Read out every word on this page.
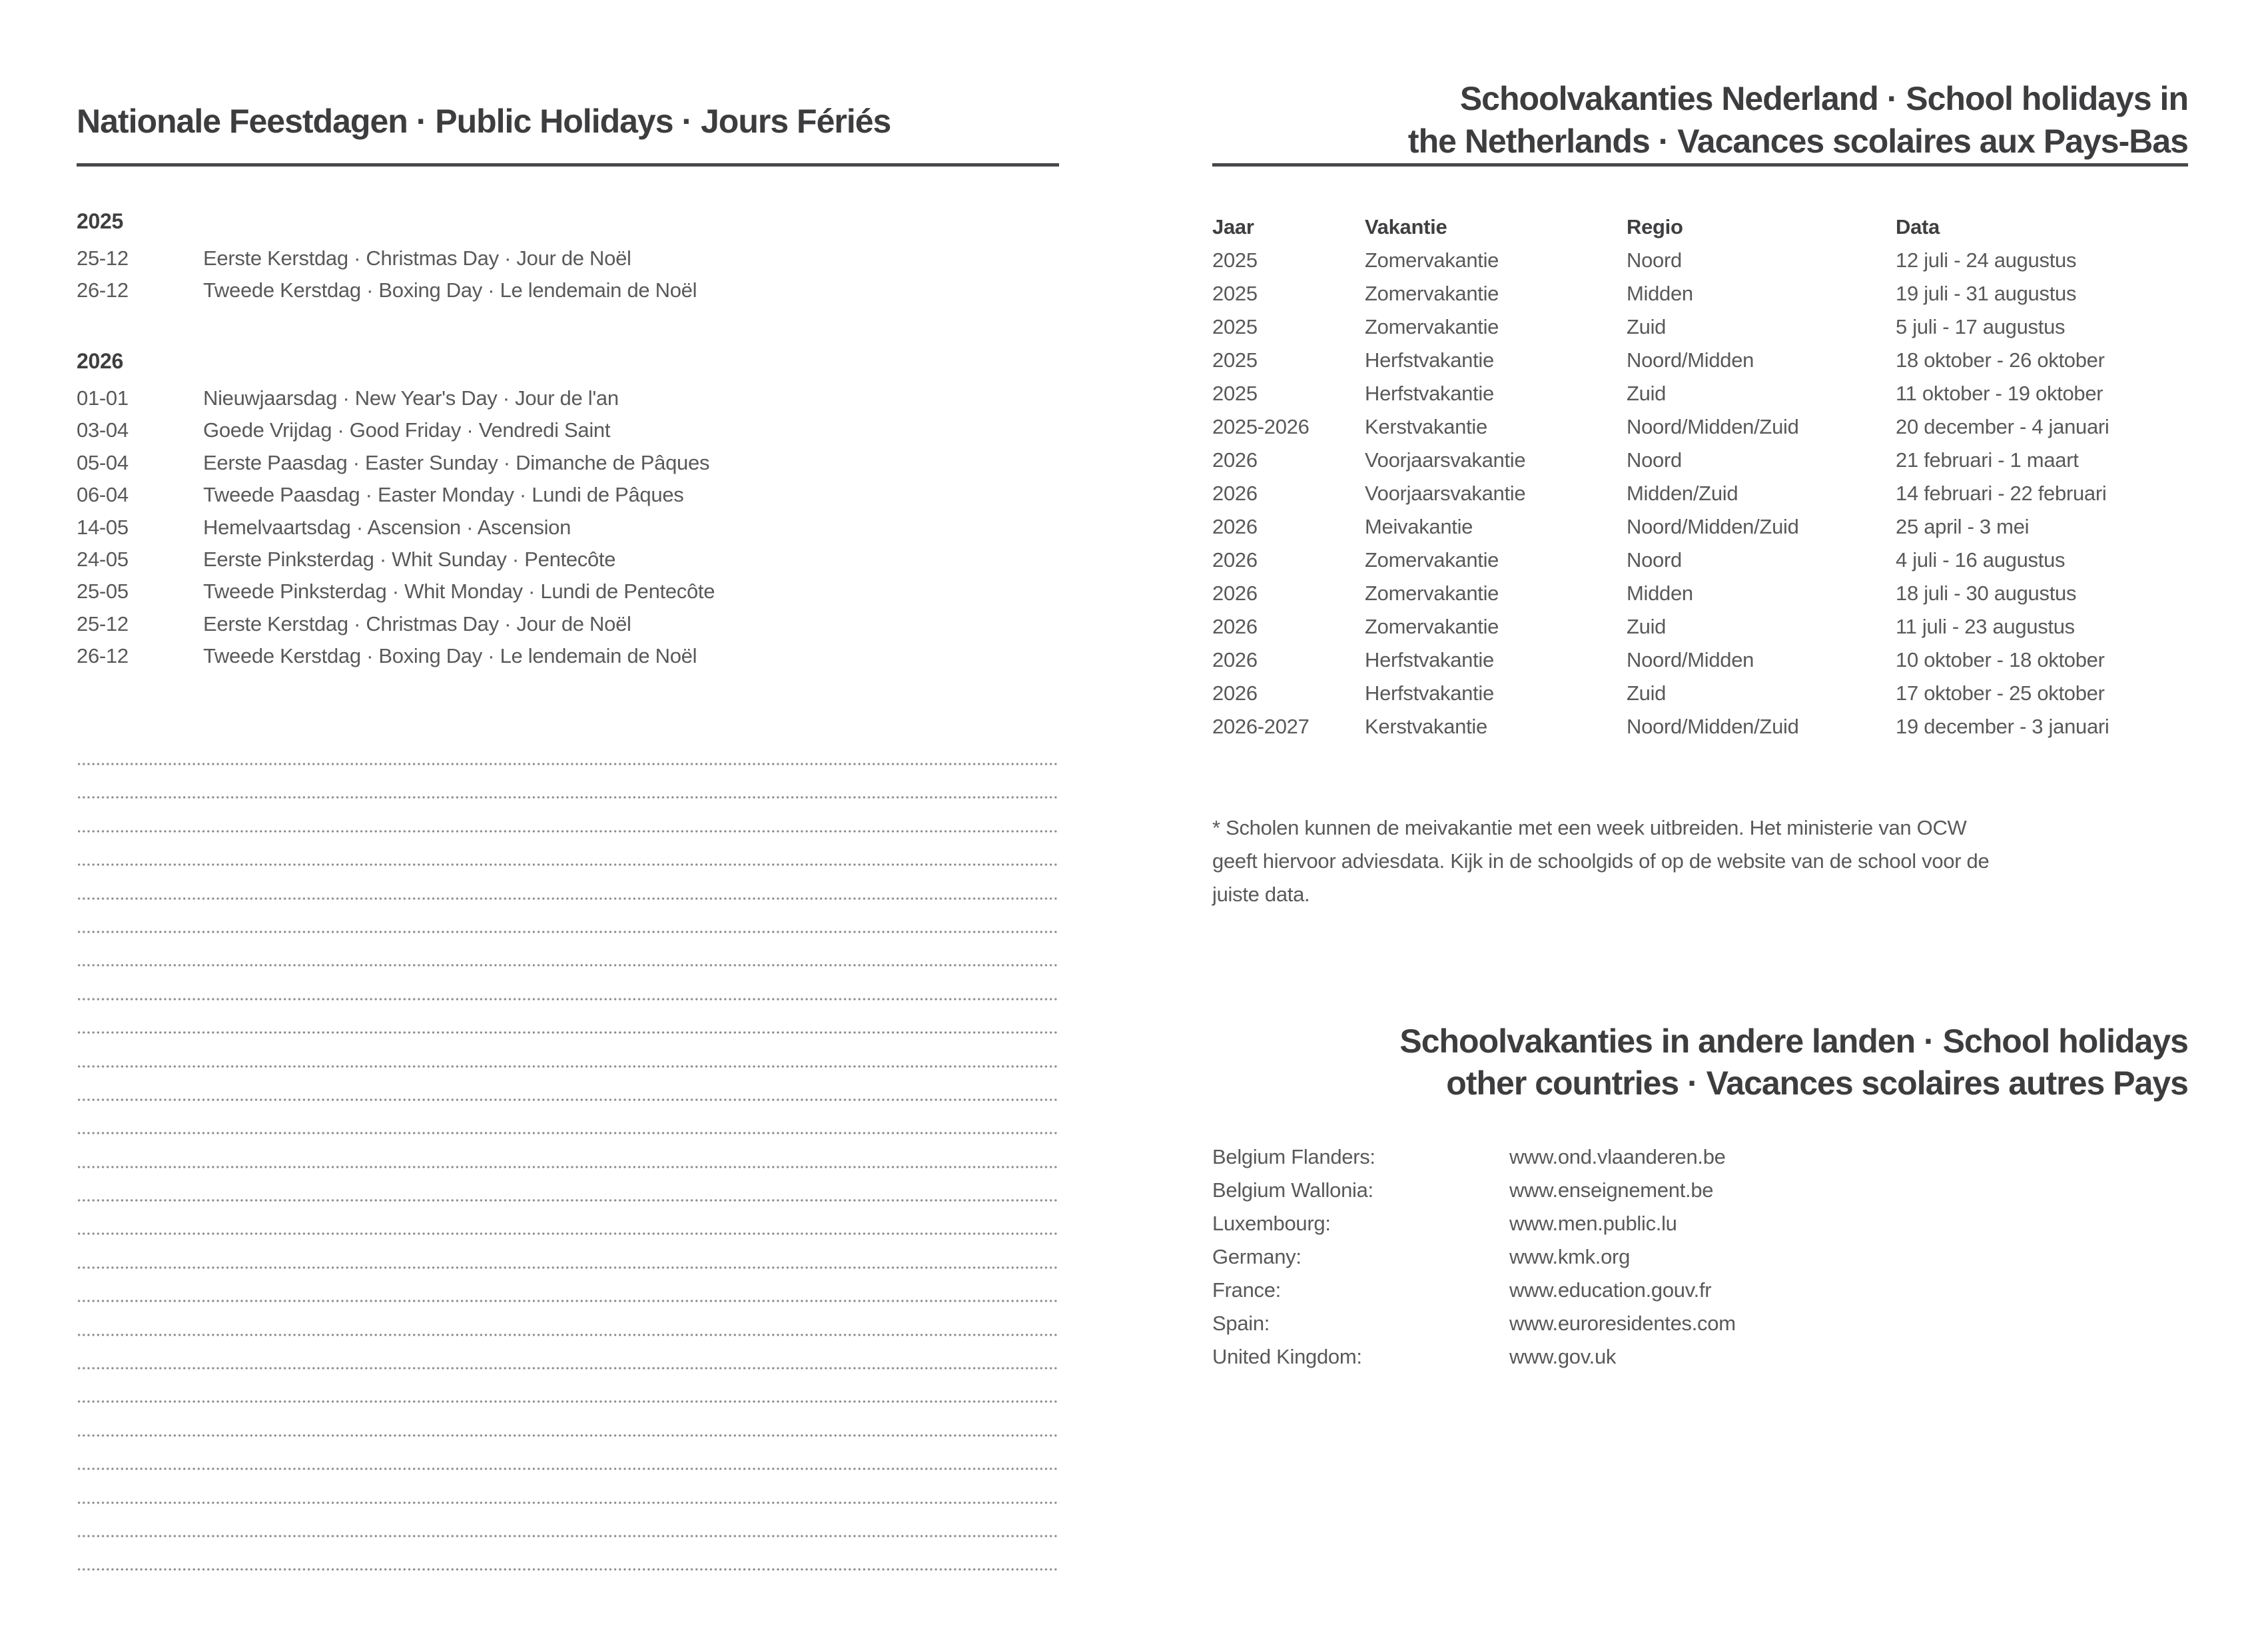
Nationale Feestdagen · Public Holidays · Jours Fériés
2025
25-12	Eerste Kerstdag · Christmas Day · Jour de Noël
26-12	Tweede Kerstdag · Boxing Day · Le lendemain de Noël
2026
01-01	Nieuwjaarsdag · New Year's Day · Jour de l'an
03-04	Goede Vrijdag · Good Friday · Vendredi Saint
05-04	Eerste Paasdag · Easter Sunday · Dimanche de Pâques
06-04	Tweede Paasdag · Easter Monday · Lundi de Pâques
14-05	Hemelvaartsdag · Ascension · Ascension
24-05	Eerste Pinksterdag · Whit Sunday · Pentecôte
25-05	Tweede Pinksterdag · Whit Monday · Lundi de Pentecôte
25-12	Eerste Kerstdag · Christmas Day · Jour de Noël
26-12	Tweede Kerstdag · Boxing Day · Le lendemain de Noël
Schoolvakanties Nederland · School holidays in
the Netherlands · Vacances scolaires aux Pays-Bas
Jaar	Vakantie	Regio	Data
2025	Zomervakantie	Noord	12 juli - 24 augustus
2025	Zomervakantie	Midden	19 juli - 31 augustus
2025	Zomervakantie	Zuid	5 juli - 17 augustus
2025	Herfstvakantie	Noord/Midden	18 oktober - 26 oktober
2025	Herfstvakantie	Zuid	11 oktober - 19 oktober
2025-2026	Kerstvakantie	Noord/Midden/Zuid	20 december - 4 januari
2026	Voorjaarsvakantie	Noord	21 februari - 1 maart
2026	Voorjaarsvakantie	Midden/Zuid	14 februari - 22 februari
2026	Meivakantie	Noord/Midden/Zuid	25 april - 3 mei
2026	Zomervakantie	Noord	4 juli - 16 augustus
2026	Zomervakantie	Midden	18 juli - 30 augustus
2026	Zomervakantie	Zuid	11 juli - 23 augustus
2026	Herfstvakantie	Noord/Midden	10 oktober - 18 oktober
2026	Herfstvakantie	Zuid	17 oktober - 25 oktober
2026-2027	Kerstvakantie	Noord/Midden/Zuid	19 december - 3 januari
* Scholen kunnen de meivakantie met een week uitbreiden. Het ministerie van OCW
geeft hiervoor adviesdata. Kijk in de schoolgids of op de website van de school voor de
juiste data.
Schoolvakanties in andere landen · School holidays
other countries · Vacances scolaires autres Pays
Belgium Flanders:	www.ond.vlaanderen.be
Belgium Wallonia:	www.enseignement.be
Luxembourg:	www.men.public.lu
Germany:	www.kmk.org
France:	www.education.gouv.fr
Spain:	www.euroresidentes.com
United Kingdom:	www.gov.uk
